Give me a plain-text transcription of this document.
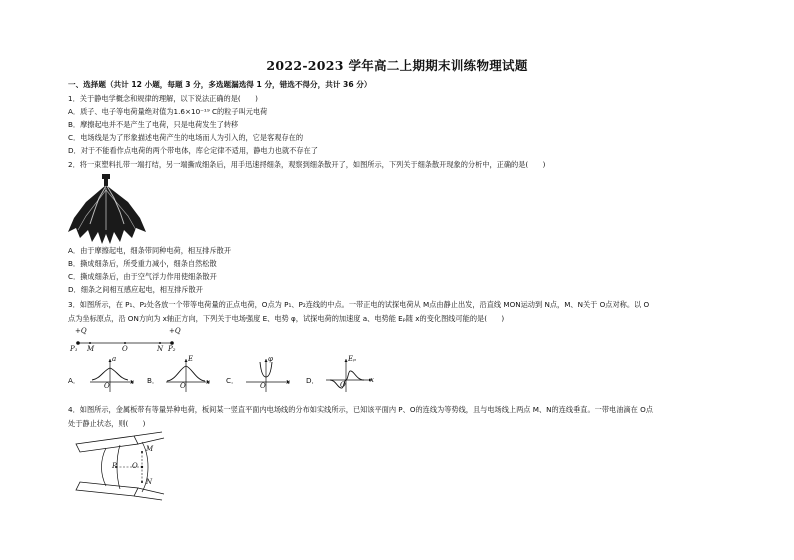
2022-2023 学年高二上期期末训练物理试题
一、选择题（共计 12 小题，每题 3 分，多选题漏选得 1 分，错选不得分，共计 36 分）
1．关于静电学概念和规律的理解，以下说法正确的是(　　)
A．质子、电子等电荷量绝对值为1.6×10⁻¹⁹ C的粒子叫元电荷
B．摩擦起电并不是产生了电荷，只是电荷发生了转移
C．电场线是为了形象描述电荷产生的电场而人为引入的，它是客观存在的
D．对于不能看作点电荷的两个带电体，库仑定律不适用，静电力也就不存在了
2．将一束塑料扎带一端打结，另一端撕成细条后，用手迅速捋细条，观察到细条散开了，如图所示，下列关于细条散开现象的分析中，正确的是(　　)
A．由于摩擦起电，细条带同种电荷，相互排斥散开
B．撕成细条后，所受重力减小，细条自然松散
C．撕成细条后，由于空气浮力作用使细条散开
D．细条之间相互感应起电，相互排斥散开
3．如图所示，在 P₁、P₂处各放一个带等电荷量的正点电荷，O点为 P₁、P₂连线的中点。一带正电的试探电荷从 M点由静止出发，沿直线 MON运动到 N点，M、N关于 O点对称。以 O
点为坐标原点，沿 ON方向为 x轴正方向，下列关于电场强度 E、电势 φ，试探电荷的加速度 a、电势能 Eₚ随 x的变化图线可能的是(　　)
+Q	+Q
P₁ M	O	N P₂
A．
a
O	x B．
E
O	x C．
φ
O	x D．
Eₚ
O
x
4．如图所示，金属板带有等量异种电荷，板间某一竖直平面内电场线的分布如实线所示，已知该平面内 P、O的连线为等势线，且与电场线上两点 M、N的连线垂直。一带电油滴在 O点
处于静止状态，则(　　)
P O
M
N
